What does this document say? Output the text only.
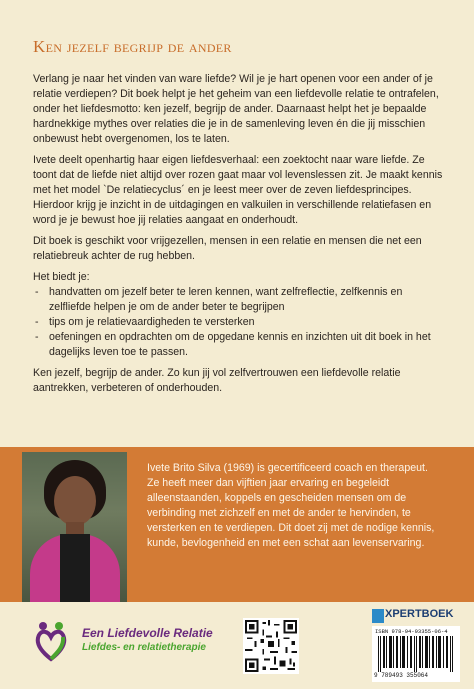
Ken jezelf begrijp de ander

Verlang je naar het vinden van ware liefde? Wil je je hart openen voor een ander of je relatie verdiepen? Dit boek helpt je het geheim van een liefdevolle relatie te ontrafelen, onder het liefdesmotto: ken jezelf, begrijp de ander. Daarnaast helpt het je bepaalde hardnekkige mythes over relaties die je in de samenleving leven én die jij misschien onbewust hebt overgenomen, los te laten.

Ivete deelt openhartig haar eigen liefdesverhaal: een zoektocht naar ware liefde. Ze toont dat de liefde niet altijd over rozen gaat maar vol levenslessen zit. Je maakt kennis met het model `De relatiecyclus´ en je leest meer over de zeven liefdesprincipes. Hierdoor krijg je inzicht in de uitdagingen en valkuilen in verschillende relatiefasen en word je je bewust hoe jij relaties aangaat en onderhoudt.

Dit boek is geschikt voor vrijgezellen, mensen in een relatie en mensen die net een relatiebreuk achter de rug hebben.

Het biedt je:
- handvatten om jezelf beter te leren kennen, want zelfreflectie, zelfkennis en zelfliefde helpen je om de ander beter te begrijpen
- tips om je relatievaardigheden te versterken
- oefeningen en opdrachten om de opgedane kennis en inzichten uit dit boek in het dagelijks leven toe te passen.

Ken jezelf, begrijp de ander. Zo kun jij vol zelfvertrouwen een liefdevolle relatie aantrekken, verbeteren of onderhouden.

Ivete Brito Silva (1969) is gecertificeerd coach en therapeut. Ze heeft meer dan vijftien jaar ervaring en begeleidt alleenstaanden, koppels en gescheiden mensen om de verbinding met zichzelf en met de ander te hervinden, te versterken en te verdiepen. Dit doet zij met de nodige kennis, kunde, bevlogenheid en met een schat aan levenservaring.
Een Liefdevolle Relatie
Liefdes- en relatietherapie
XPERTBOEK
ISBN 978-94-93355-06-4
9 789493 355064
